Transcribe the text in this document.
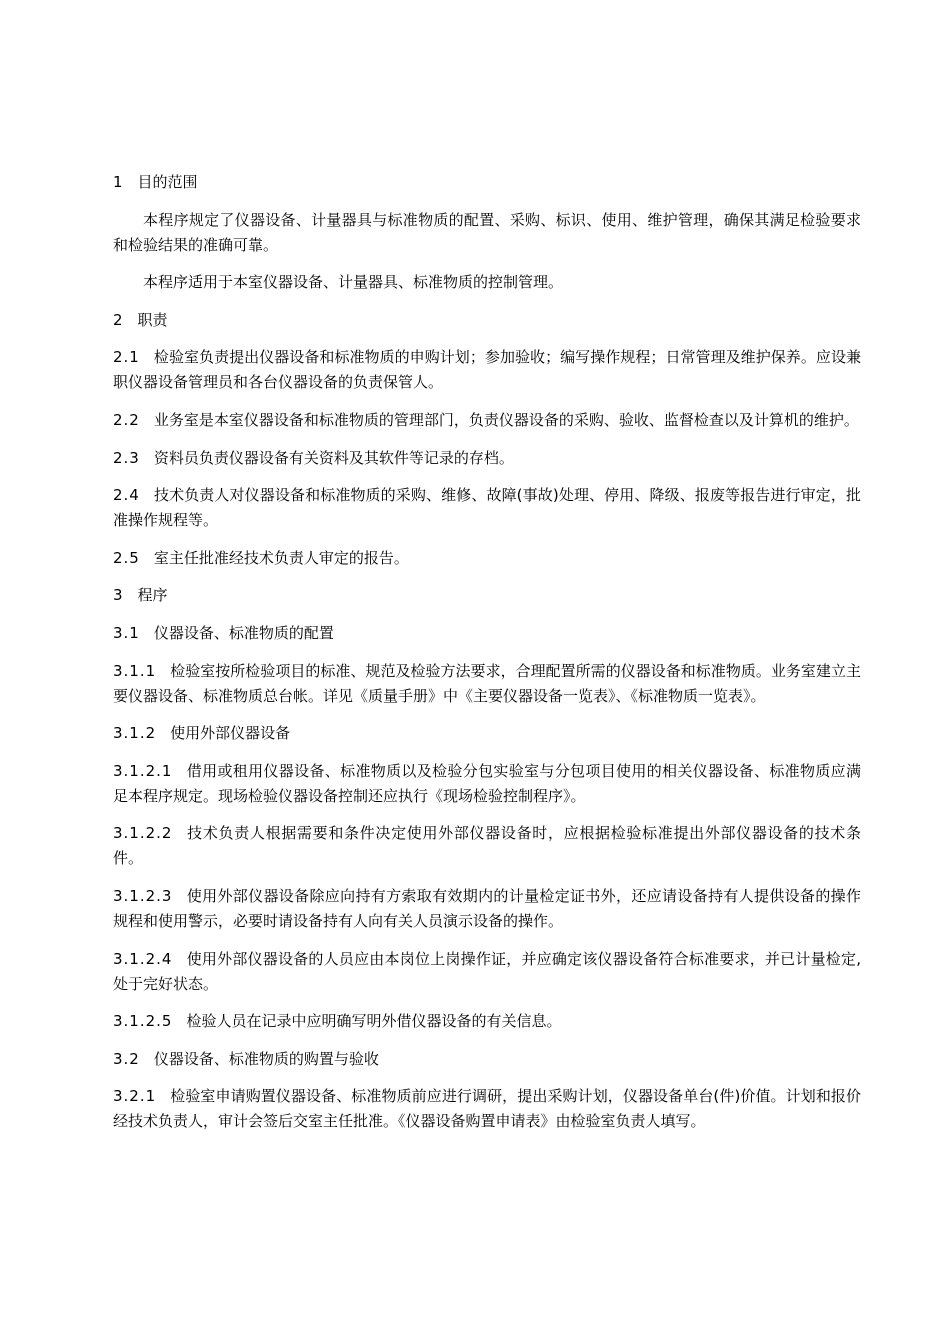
1 目的范围

本程序规定了仪器设备、计量器具与标准物质的配置、采购、标识、使用、维护管理，确保其满足检验要求和检验结果的准确可靠。

本程序适用于本室仪器设备、计量器具、标准物质的控制管理。

2 职责

2.1 检验室负责提出仪器设备和标准物质的申购计划；参加验收；编写操作规程；日常管理及维护保养。应设兼职仪器设备管理员和各台仪器设备的负责保管人。

2.2 业务室是本室仪器设备和标准物质的管理部门，负责仪器设备的采购、验收、监督检查以及计算机的维护。

2.3 资料员负责仪器设备有关资料及其软件等记录的存档。

2.4 技术负责人对仪器设备和标准物质的采购、维修、故障(事故)处理、停用、降级、报废等报告进行审定，批准操作规程等。

2.5 室主任批准经技术负责人审定的报告。

3 程序

3.1 仪器设备、标准物质的配置

3.1.1 检验室按所检验项目的标准、规范及检验方法要求，合理配置所需的仪器设备和标准物质。业务室建立主要仪器设备、标准物质总台帐。详见《质量手册》中《主要仪器设备一览表》、《标准物质一览表》。

3.1.2 使用外部仪器设备

3.1.2.1 借用或租用仪器设备、标准物质以及检验分包实验室与分包项目使用的相关仪器设备、标准物质应满足本程序规定。现场检验仪器设备控制还应执行《现场检验控制程序》。

3.1.2.2 技术负责人根据需要和条件决定使用外部仪器设备时，应根据检验标准提出外部仪器设备的技术条件。

3.1.2.3 使用外部仪器设备除应向持有方索取有效期内的计量检定证书外，还应请设备持有人提供设备的操作规程和使用警示，必要时请设备持有人向有关人员演示设备的操作。

3.1.2.4 使用外部仪器设备的人员应由本岗位上岗操作证，并应确定该仪器设备符合标准要求，并已计量检定,处于完好状态。

3.1.2.5 检验人员在记录中应明确写明外借仪器设备的有关信息。

3.2 仪器设备、标准物质的购置与验收

3.2.1 检验室申请购置仪器设备、标准物质前应进行调研，提出采购计划，仪器设备单台(件)价值。计划和报价经技术负责人，审计会签后交室主任批准。《仪器设备购置申请表》由检验室负责人填写。
